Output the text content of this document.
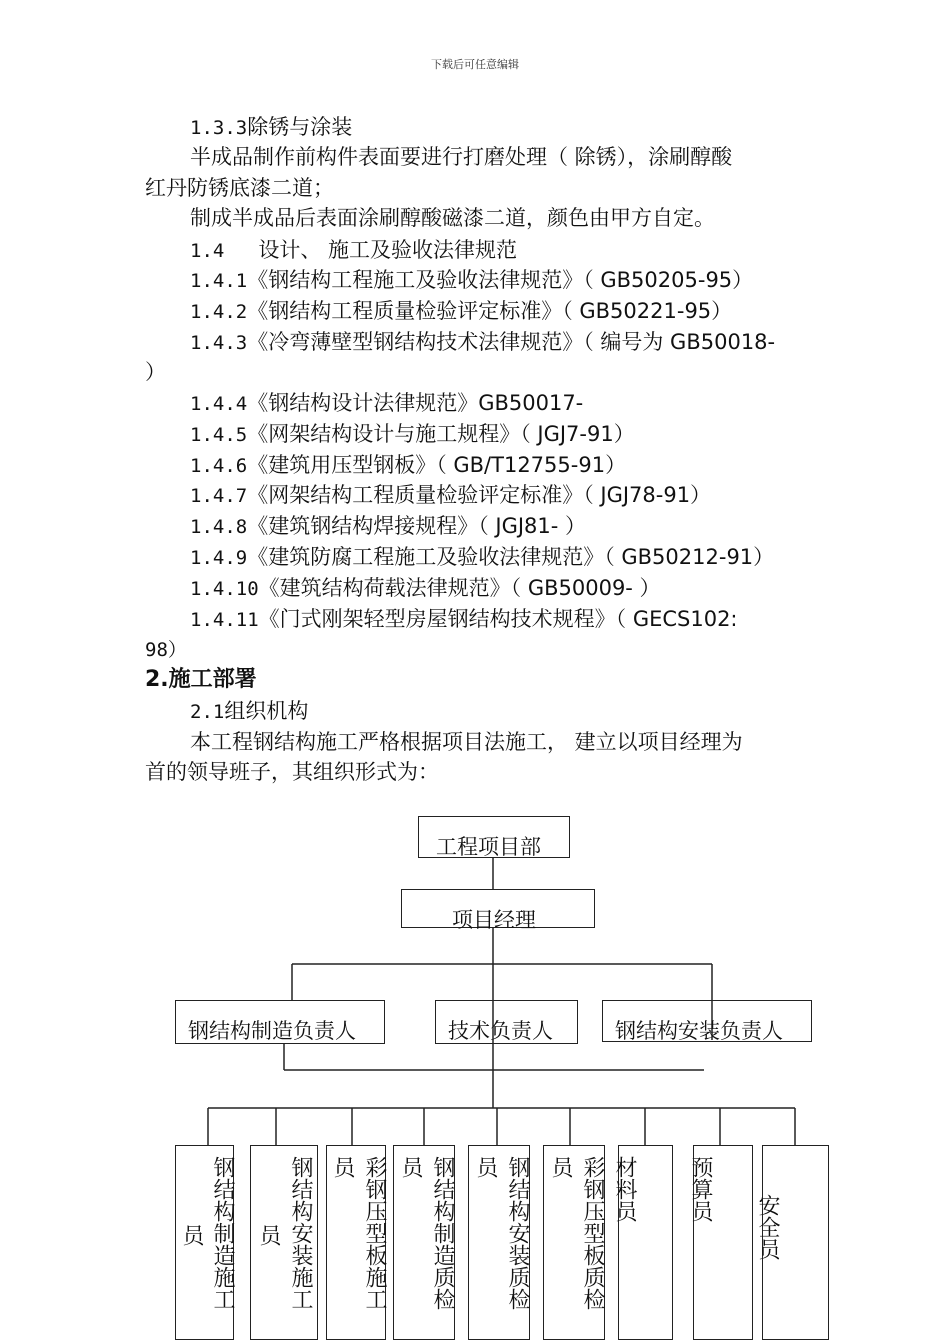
下载后可任意编辑
1.3.3除锈与涂装
半成品制作前构件表面要进行打磨处理（ 除锈），涂刷醇酸
红丹防锈底漆二道；
制成半成品后表面涂刷醇酸磁漆二道，颜色由甲方自定。
1.4 设计、 施工及验收法律规范
1.4.1《钢结构工程施工及验收法律规范》（ GB50205-95）
1.4.2《钢结构工程质量检验评定标准》（ GB50221-95）
1.4.3《冷弯薄壁型钢结构技术法律规范》（ 编号为 GB50018-
）
1.4.4《钢结构设计法律规范》GB50017-
1.4.5《网架结构设计与施工规程》（ JGJ7-91）
1.4.6《建筑用压型钢板》（ GB/T12755-91）
1.4.7《网架结构工程质量检验评定标准》（ JGJ78-91）
1.4.8《建筑钢结构焊接规程》（ JGJ81- ）
1.4.9《建筑防腐工程施工及验收法律规范》（ GB50212-91）
1.4.10《建筑结构荷载法律规范》（ GB50009- ）
1.4.11《门式刚架轻型房屋钢结构技术规程》（ GECS102:
98）
2.施工部署
2.1组织机构
本工程钢结构施工严格根据项目法施工， 建立以项目经理为
首的领导班子，其组织形式为：
工程项目部
项目经理
钢结构制造负责人	技术负责人	钢结构安装负责人
钢结构制造施工
员	钢结构安装施工
员	彩钢压型板施工
员	钢结构制造质检
员	钢结构安装质检
员	彩钢压型板质检
员 材料员	预算员
安全员
